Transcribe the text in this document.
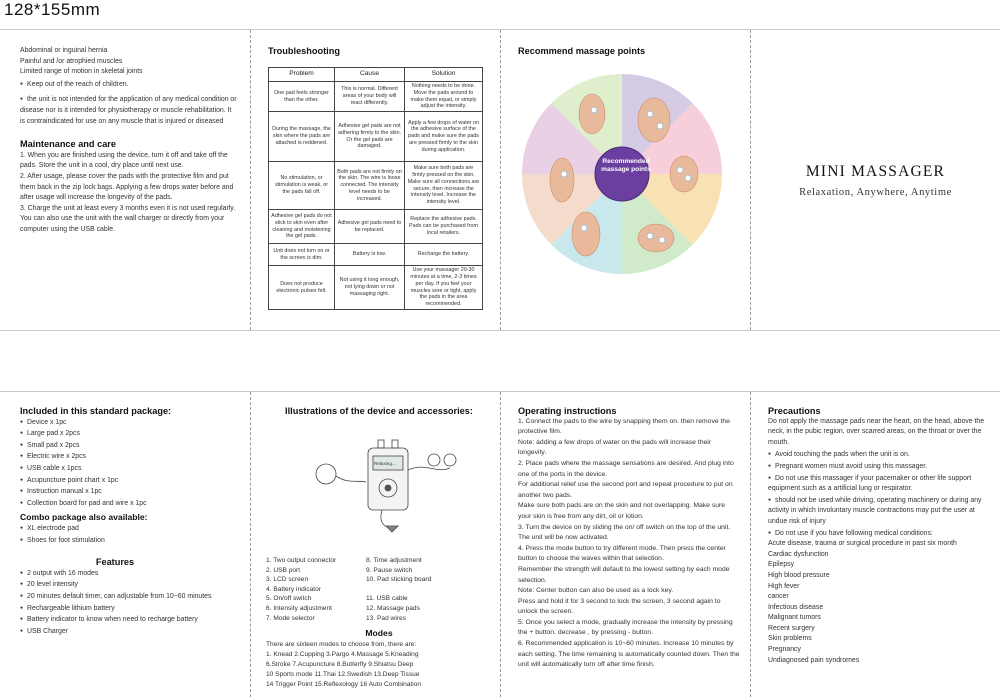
128*155mm

Abdominal or inguinal hernia

Painful and /or atrophied muscles

Limited range of motion in skeletal joints

● Keep out of the reach of children.
● the unit is not intended for the application of any medical condition or disease nor is it intended for physiotherapy or muscle rehabilitation. It is contraindicated for use on any muscle that is injured or diseased
Maintenance and care

1. When you are finished using the device, turn it off and take off the pads. Store the unit in a cool, dry place until next use.

2. After usage, please cover the pads with the protective film and put them back in the zip lock bags. Applying a few drops water before and after usage will increase the longevity of the pads.

3. Charge the unit at least every 3 months even it is not used regularly. You can also use the unit with the wall charger or directly from your computer using the USB cable.

Troubleshooting
Problem	Cause	Solution
One pad feels stronger than the other.	This is normal. Different areas of your body will react differently.	Nothing needs to be done. Move the pads around to make them equal, or simply adjust the intensity.
During the massage, the skin where the pads are attached is reddened.	Adhesive gel pads are not adhering firmly to the skin. Or the gel pads are damaged.	Apply a few drops of water on the adhesive surface of the pads and make sure the pads are pressed firmly to the skin during application.
No stimulation, or stimulation is weak, or the pads fall off.	Both pads are not firmly on the skin. The wire is loose connected. The intensity level needs to be increased.	Make sure both pads are firmly pressed on the skin. Make sure all connections are secure, then increase the intensity level. Increase the intensity level.
Adhesive gel pads do not stick to skin even after cleaning and moistening the gel pads.	Adhesive gel pads need to be replaced.	Replace the adhesive pads. Pads can be purchased from local retailers.
Unit does not turn on or the screen is dim.	Battery is low.	Recharge the battery.
Does not produce electronic pulses felt.	Not using it long enough, not lying down or not massaging right.	Use your massager 20-30 minutes at a time, 2-3 times per day. If you feel your muscles sore or tight, apply the pads in the area recommended.
Recommend massage points
Recommended massage points	MINI MASSAGER
Relaxation, Anywhere, Anytime
Included in this standard package:
● Device x 1pc
● Large pad x 2pcs
● Small pad x 2pcs
● Electric wire x 2pcs
● USB cable x 1pcs
● Acupuncture point chart x 1pc
● Instruction manual x 1pc
● Collection board for pad and wire x 1pc
Combo package also available:
● XL electrode pad
● Shoes for foot stimulation
Features
● 2 output with 16 modes
● 20 level intensity
● 20 minutes default timer, can adjustable from 10~60 minutes
● Rechargeable lithium battery
● Battery indicator to know when need to recharge battery
● USB Charger
Illustrations of the device and accessories:
Relaxing...
1. Two output connector
2. USB port
3. LCD screen
4. Battery indicator
5. On/off switch
6. Intensity adjustment
7. Mode selector
8. Time adjustment
9. Pause switch
10. Pad sticking board
11. USB cable
12. Massage pads
13. Pad wires
Modes

There are sixteen modes to choose from, there are:

1. Knead 2.Cupping 3.Pargo 4.Massage 5.Kneading

6.Stroke 7.Acupuncture 8.Butterfly 9.Shiatsu Deep

10 Sports mode 11.Thai 12.Swedish 13.Deep Tissue

14 Trigger Point 15.Reflexology 16 Auto Combination

Operating instructions

1. Connect the pads to the wire by snapping them on. then remove the protective film.

Note: adding a few drops of water on the pads will increase their longevity.

2. Place pads where the massage sensations are desired. And plug into one of the ports in the device.

For additional relief use the second port and repeat procedure to put on another two pads.

Make sure both pads are on the skin and not overlapping. Make sure your skin is free from any dirt, oil or lotion.

3. Turn the device on by sliding the on/ off switch on the top of the unit. The unit will be now activated.

4. Press the mode button to try different mode. Then press the center button to choose the waves within that selection.

Remember the strength will default to the lowest setting by each mode selection.

Note: Center button can also be used as a lock key.

Press and hold it for 3 second to lock the screen, 3 second again to unlock the screen.

5. Once you select a mode, gradually increase the intensity by pressing the + button. decrease , by pressing - button.

6. Recommended application is 10~60 minutes. Increase 10 minutes by each setting. The time remaining is automatically counted down. Then the unit will automatically turn off after time finish.

Precautions

Do not apply the massage pads near the heart, on the head, above the neck, in the pubic region, over scarred areas, on the throat or over the mouth.

● Avoid touching the pads when the unit is on.
● Pregnant women must avoid using this massager.
● Do not use this massager if your pacemaker or other life support equipment such as a artificial lung or respirator.
● should not be used while driving, operating machinery or during any activity in which involuntary muscle contractions may put the user at undue risk of injury
● Do not use if you have following medical conditions:

Acute disease, trauma or surgical procedure in past six month

Cardiac dysfunction

Epilepsy

High blood pressure

High fever

cancer

Infectious disease

Malignant tumors

Recent surgery

Skin problems

Pregnancy

Undiagnosed pain syndromes
